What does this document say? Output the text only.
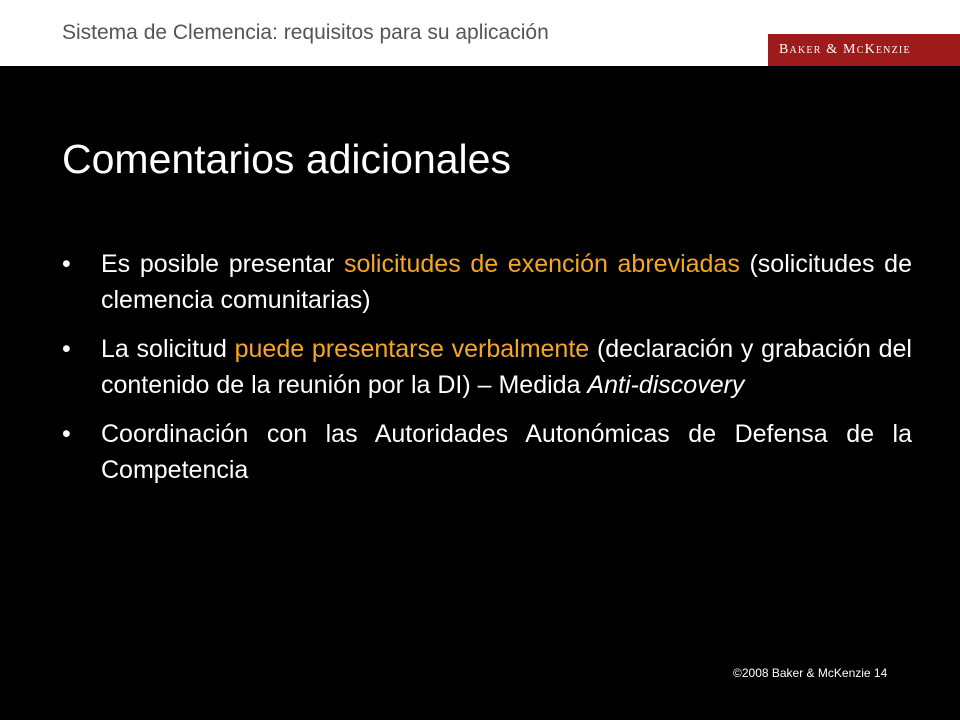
Sistema de Clemencia: requisitos para su aplicación
Baker & McKenzie
Comentarios adicionales
• Es posible presentar solicitudes de exención abreviadas (solicitudes de clemencia comunitarias)
• La solicitud puede presentarse verbalmente (declaración y grabación del contenido de la reunión por la DI) – Medida Anti-discovery
• Coordinación con las Autoridades Autonómicas de Defensa de la Competencia
©2008 Baker & McKenzie 14
